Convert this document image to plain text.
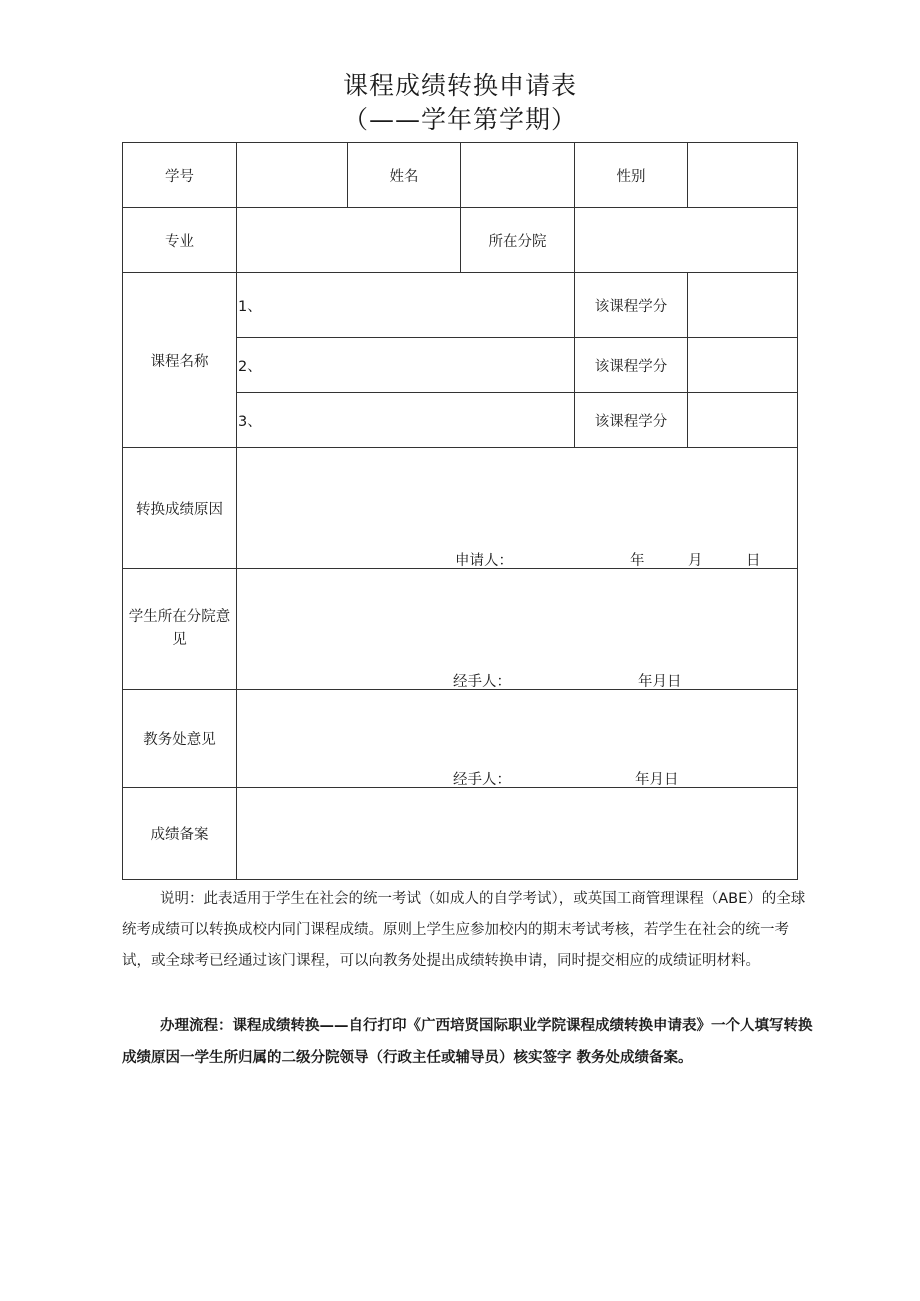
课程成绩转换申请表
（——学年第学期）
学号	姓名	性别
专业	所在分院
课程名称
1、	该课程学分
2、	该课程学分
3、	该课程学分
转换成绩原因
申请人：	年	月	日
学生所在分院意见
经手人：	年月日
教务处意见
经手人：	年月日
成绩备案

说明：此表适用于学生在社会的统一考试（如成人的自学考试），或英国工商管理课程（ABE）的全球统考成绩可以转换成校内同门课程成绩。原则上学生应参加校内的期末考试考核，若学生在社会的统一考试，或全球考已经通过该门课程，可以向教务处提出成绩转换申请，同时提交相应的成绩证明材料。

办理流程：课程成绩转换——自行打印《广西培贤国际职业学院课程成绩转换申请表》一个人填写转换成绩原因一学生所归属的二级分院领导（行政主任或辅导员）核实签字 教务处成绩备案。
